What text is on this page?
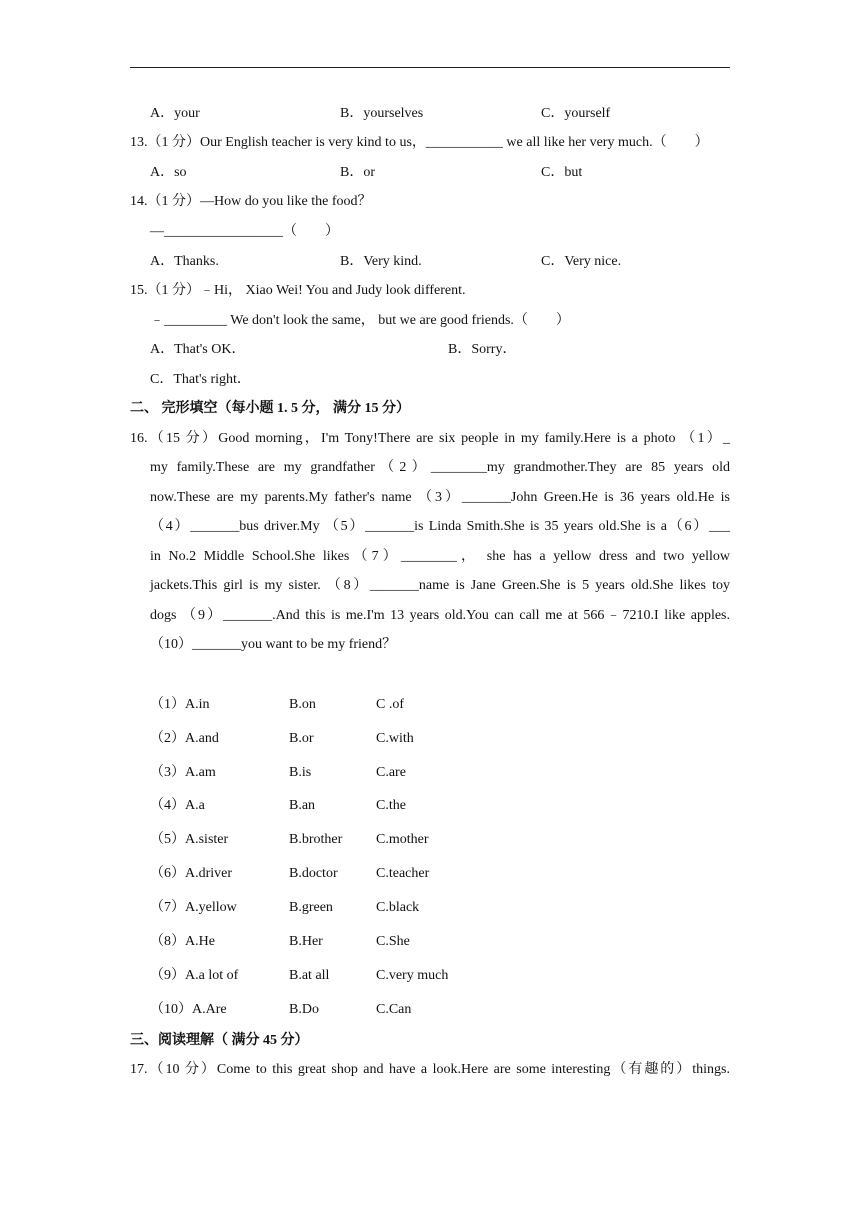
A．your	B．yourselves	C．yourself
13.（1 分）Our English teacher is very kind to us，___________ we all like her very much.（　　）
A．so	B．or	C．but
14.（1 分）—How do you like the food？
—_________________（　　）
A．Thanks.	B．Very kind.	C．Very nice.
15.（1 分）﹣Hi， Xiao Wei! You and Judy look different.
﹣_________ We don't look the same， but we are good friends.（　　）
A．That's OK．	B．Sorry．
C．That's right．
二、 完形填空（每小题 1. 5 分， 满分 15 分）
16.（15 分）Good morning，I'm Tony!There are six people in my family.Here is a photo （1）_
my family.These are my grandfather（2）________my grandmother.They are 85 years old
now.These are my parents.My father's name （3）_______John Green.He is 36 years old.He is
（4）_______bus driver.My （5）_______is Linda Smith.She is 35 years old.She is a（6）___
in No.2 Middle School.She likes（7）________， she has a yellow dress and two yellow
jackets.This girl is my sister. （8）_______name is Jane Green.She is 5 years old.She likes toy
dogs （9）_______.And this is me.I'm 13 years old.You can call me at 566﹣7210.I like apples.
（10）_______you want to be my friend？
（1）A.in	B.on	C .of
（2）A.and	B.or	C.with
（3）A.am	B.is	C.are
（4）A.a	B.an	C.the
（5）A.sister	B.brother C.mother
（6）A.driver	B.doctor	C.teacher
（7）A.yellow	B.green	C.black
（8）A.He	B.Her	C.She
（9）A.a lot of	B.at all	C.very much
（10）A.Are	B.Do	C.Can
三、阅读理解（ 满分 45 分）
17.（10 分）Come to this great shop and have a look.Here are some interesting（有趣的）things.
